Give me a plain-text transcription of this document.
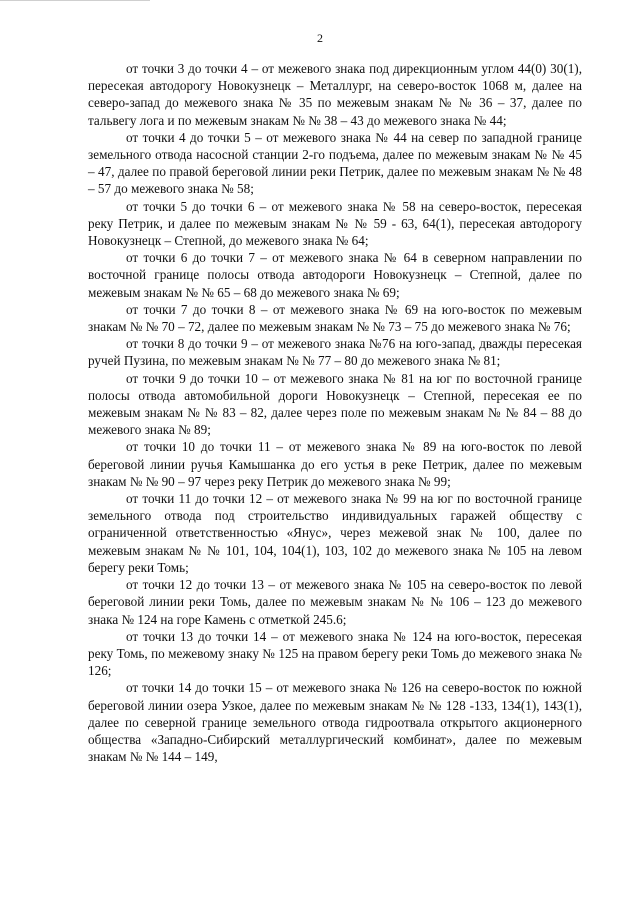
2

от точки 3 до точки 4 – от межевого знака под дирекционным углом 44(0) 30(1), пересекая автодорогу Новокузнецк – Металлург, на северо-восток 1068 м, далее на северо-запад до межевого знака № 35 по межевым знакам № № 36 – 37, далее по тальвегу лога и по межевым знакам № № 38 – 43 до межевого знака № 44;

от точки 4 до точки 5 – от межевого знака № 44 на север по западной границе земельного отвода насосной станции 2-го подъема, далее по межевым знакам № № 45 – 47, далее по правой береговой линии реки Петрик, далее по межевым знакам № № 48 – 57 до межевого знака № 58;

от точки 5 до точки 6 – от межевого знака № 58 на северо-восток, пересекая реку Петрик, и далее по межевым знакам № № 59 - 63, 64(1), пересекая автодорогу Новокузнецк – Степной, до межевого знака № 64;

от точки 6 до точки 7 – от межевого знака № 64 в северном направлении по восточной границе полосы отвода автодороги Новокузнецк – Степной, далее по межевым знакам № № 65 – 68 до межевого знака № 69;

от точки 7 до точки 8 – от межевого знака № 69 на юго-восток по межевым знакам № № 70 – 72, далее по межевым знакам № № 73 – 75 до межевого знака № 76;

от точки 8 до точки 9 – от межевого знака №76 на юго-запад, дважды пересекая ручей Пузина, по межевым знакам № № 77 – 80 до межевого знака № 81;

от точки 9 до точки 10 – от межевого знака № 81 на юг по восточной границе полосы отвода автомобильной дороги Новокузнецк – Степной, пересекая ее по межевым знакам № № 83 – 82, далее через поле по межевым знакам № № 84 – 88 до межевого знака № 89;

от точки 10 до точки 11 – от межевого знака № 89 на юго-восток по левой береговой линии ручья Камышанка до его устья в реке Петрик, далее по межевым знакам № № 90 – 97 через реку Петрик до межевого знака № 99;

от точки 11 до точки 12 – от межевого знака № 99 на юг по восточной границе земельного отвода под строительство индивидуальных гаражей обществу с ограниченной ответственностью «Янус», через межевой знак № 100, далее по межевым знакам № № 101, 104, 104(1), 103, 102 до межевого знака № 105 на левом берегу реки Томь;

от точки 12 до точки 13 – от межевого знака № 105 на северо-восток по левой береговой линии реки Томь, далее по межевым знакам № № 106 – 123 до межевого знака № 124 на горе Камень с отметкой 245.6;

от точки 13 до точки 14 – от межевого знака № 124 на юго-восток, пересекая реку Томь, по межевому знаку № 125 на правом берегу реки Томь до межевого знака № 126;

от точки 14 до точки 15 – от межевого знака № 126 на северо-восток по южной береговой линии озера Узкое, далее по межевым знакам № № 128 -133, 134(1), 143(1), далее по северной границе земельного отвода гидроотвала открытого акционерного общества «Западно-Сибирский металлургический комбинат», далее по межевым знакам № № 144 – 149,
